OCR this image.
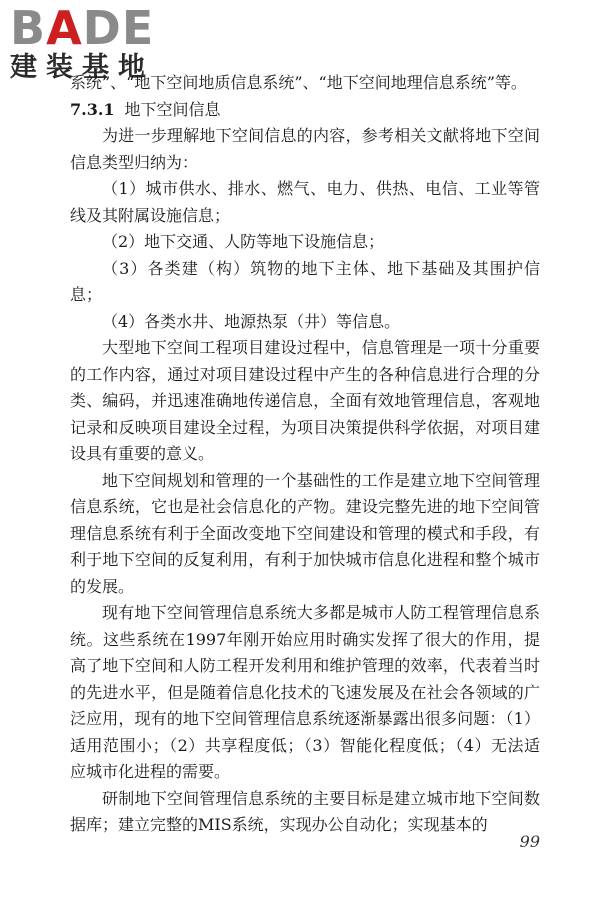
BADE
建装基地

系统”、“地下空间地质信息系统”、“地下空间地理信息系统”等。

7.3.1 地下空间信息

为进一步理解地下空间信息的内容，参考相关文献将地下空间信息类型归纳为：

（1）城市供水、排水、燃气、电力、供热、电信、工业等管线及其附属设施信息；

（2）地下交通、人防等地下设施信息；

（3）各类建（构）筑物的地下主体、地下基础及其围护信息；

（4）各类水井、地源热泵（井）等信息。

大型地下空间工程项目建设过程中，信息管理是一项十分重要的工作内容，通过对项目建设过程中产生的各种信息进行合理的分类、编码，并迅速准确地传递信息，全面有效地管理信息，客观地记录和反映项目建设全过程，为项目决策提供科学依据，对项目建设具有重要的意义。

地下空间规划和管理的一个基础性的工作是建立地下空间管理信息系统，它也是社会信息化的产物。建设完整先进的地下空间管理信息系统有利于全面改变地下空间建设和管理的模式和手段，有利于地下空间的反复利用，有利于加快城市信息化进程和整个城市的发展。

现有地下空间管理信息系统大多都是城市人防工程管理信息系统。这些系统在1997年刚开始应用时确实发挥了很大的作用，提高了地下空间和人防工程开发利用和维护管理的效率，代表着当时的先进水平，但是随着信息化技术的飞速发展及在社会各领域的广泛应用，现有的地下空间管理信息系统逐渐暴露出很多问题：（1）适用范围小；（2）共享程度低；（3）智能化程度低；（4）无法适应城市化进程的需要。

研制地下空间管理信息系统的主要目标是建立城市地下空间数据库；建立完整的MIS系统，实现办公自动化；实现基本的

99
